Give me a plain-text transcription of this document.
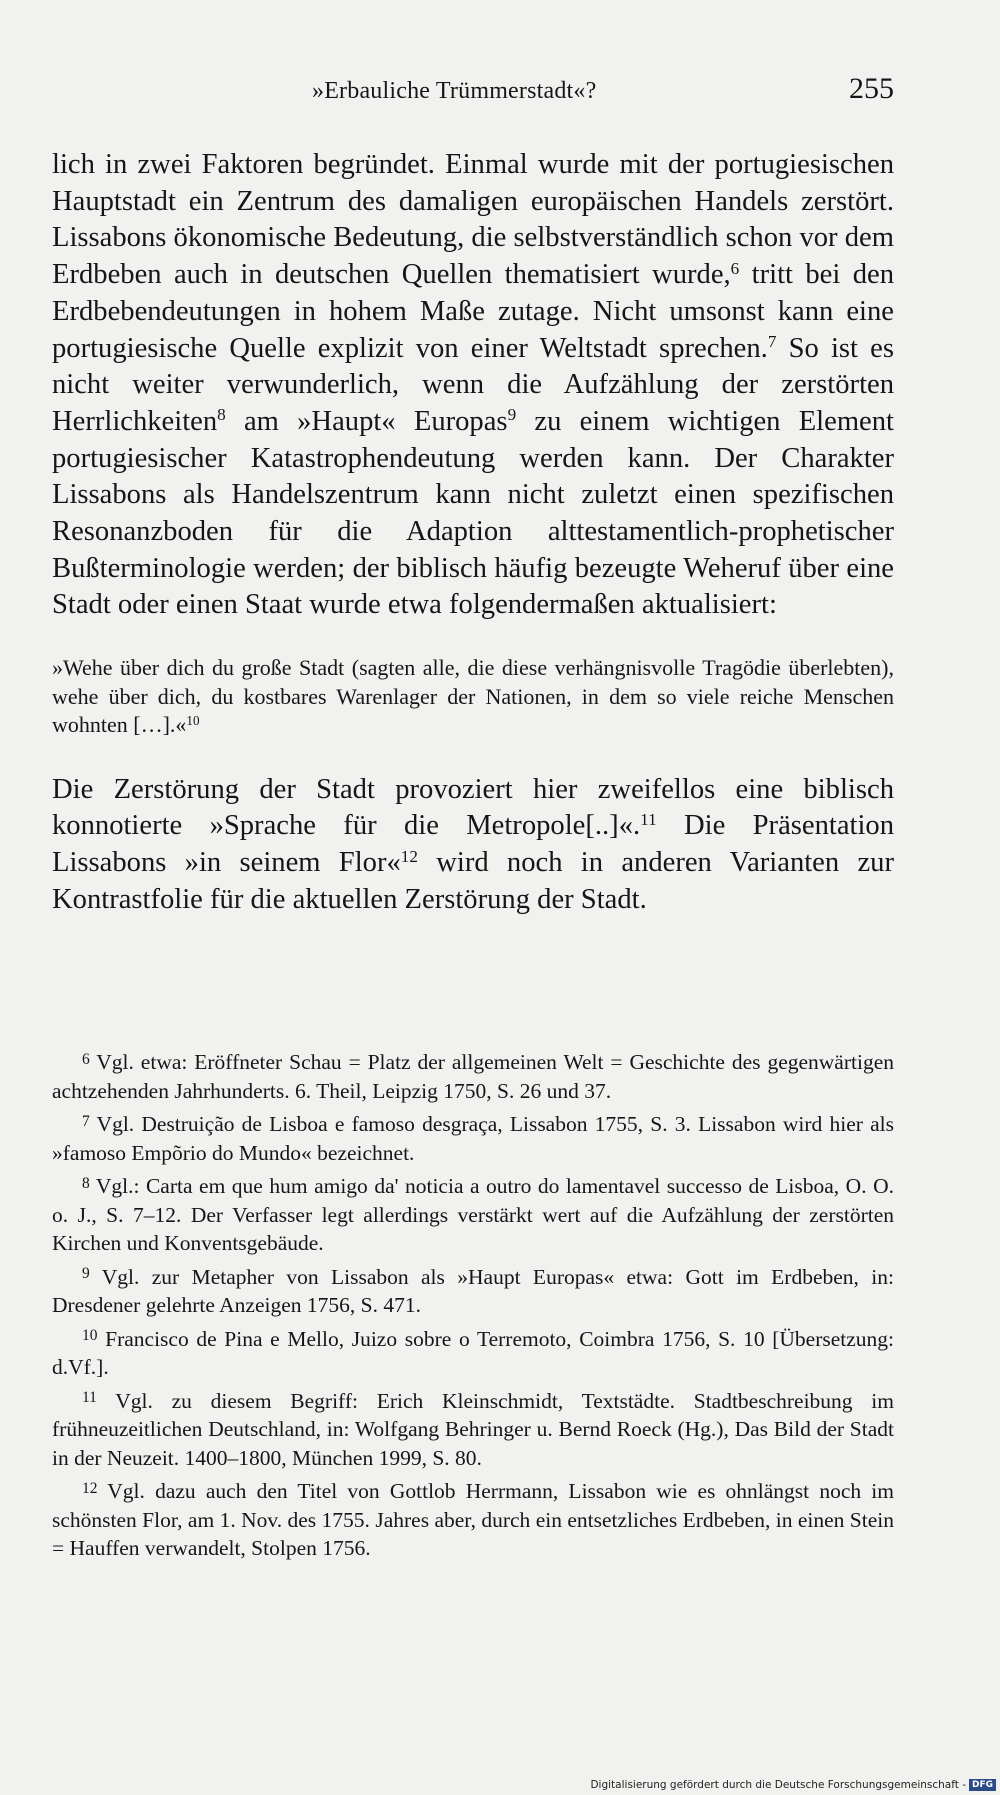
»Erbauliche Trümmerstadt«?	255

lich in zwei Faktoren begründet. Einmal wurde mit der portugiesischen Hauptstadt ein Zentrum des damaligen europäischen Handels zerstört. Lissabons ökonomische Bedeutung, die selbstverständlich schon vor dem Erdbeben auch in deutschen Quellen thematisiert wurde,$^6$ tritt bei den Erdbebendeutungen in hohem Maße zutage. Nicht umsonst kann eine portugiesische Quelle explizit von einer Weltstadt sprechen.$^7$ So ist es nicht weiter verwunderlich, wenn die Aufzählung der zerstörten Herrlichkeiten$^8$ am »Haupt« Europas$^9$ zu einem wichtigen Element portugiesischer Katastrophendeutung werden kann. Der Charakter Lissabons als Handelszentrum kann nicht zuletzt einen spezifischen Resonanzboden für die Adaption alttestamentlich-prophetischer Bußterminologie werden; der biblisch häufig bezeugte Weheruf über eine Stadt oder einen Staat wurde etwa folgendermaßen aktualisiert:

»Wehe über dich du große Stadt (sagten alle, die diese verhängnisvolle Tragödie überlebten), wehe über dich, du kostbares Warenlager der Nationen, in dem so viele reiche Menschen wohnten […].«$^{10}$

Die Zerstörung der Stadt provoziert hier zweifellos eine biblisch konnotierte »Sprache für die Metropole[..]«.$^{11}$ Die Präsentation Lissabons »in seinem Flor«$^{12}$ wird noch in anderen Varianten zur Kontrastfolie für die aktuellen Zerstörung der Stadt.

$^6$ Vgl. etwa: Eröffneter Schau = Platz der allgemeinen Welt = Geschichte des gegenwärtigen achtzehenden Jahrhunderts. 6. Theil, Leipzig 1750, S. 26 und 37.

$^7$ Vgl. Destruição de Lisboa e famoso desgraça, Lissabon 1755, S. 3. Lissabon wird hier als »famoso Empõrio do Mundo« bezeichnet.

$^8$ Vgl.: Carta em que hum amigo da' noticia a outro do lamentavel successo de Lisboa, O. O. o. J., S. 7–12. Der Verfasser legt allerdings verstärkt wert auf die Aufzählung der zerstörten Kirchen und Konventsgebäude.

$^9$ Vgl. zur Metapher von Lissabon als »Haupt Europas« etwa: Gott im Erdbeben, in: Dresdener gelehrte Anzeigen 1756, S. 471.

$^{10}$ Francisco de Pina e Mello, Juizo sobre o Terremoto, Coimbra 1756, S. 10 [Übersetzung: d.Vf.].

$^{11}$ Vgl. zu diesem Begriff: Erich Kleinschmidt, Textstädte. Stadtbeschreibung im frühneuzeitlichen Deutschland, in: Wolfgang Behringer u. Bernd Roeck (Hg.), Das Bild der Stadt in der Neuzeit. 1400–1800, München 1999, S. 80.

$^{12}$ Vgl. dazu auch den Titel von Gottlob Herrmann, Lissabon wie es ohnlängst noch im schönsten Flor, am 1. Nov. des 1755. Jahres aber, durch ein entsetzliches Erdbeben, in einen Stein = Hauffen verwandelt, Stolpen 1756.

Digitalisierung gefördert durch die Deutsche Forschungsgemeinschaft - DFG
